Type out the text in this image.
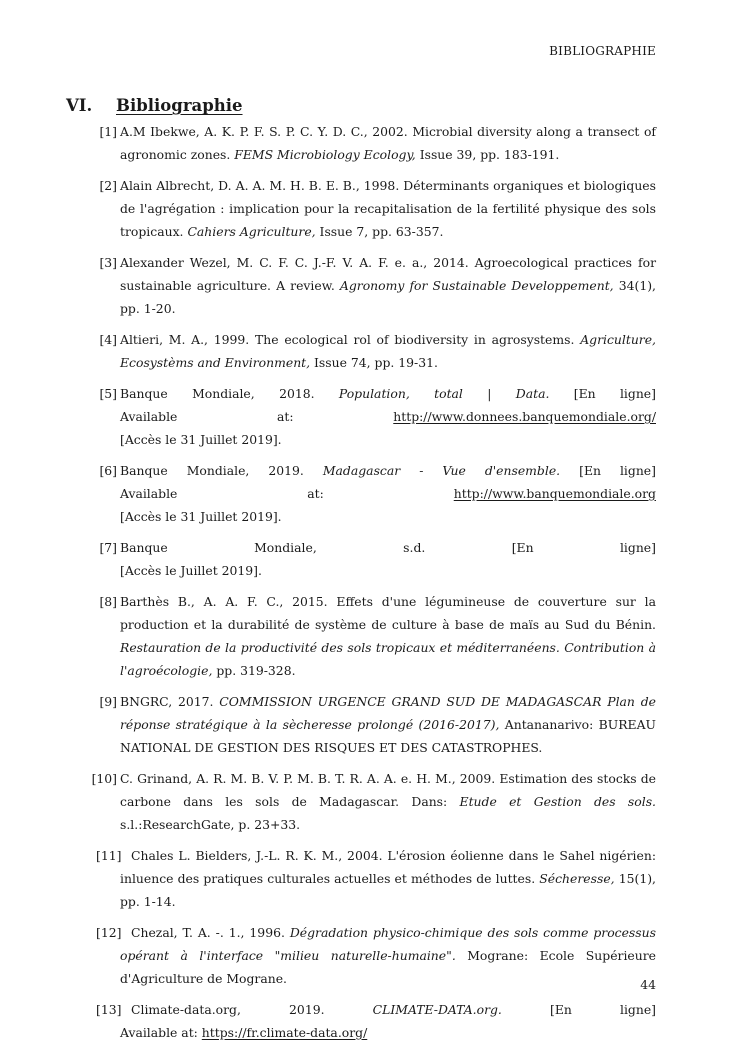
BIBLIOGRAPHIE
VI. Bibliographie
[1] A.M Ibekwe, A. K. P. F. S. P. C. Y. D. C., 2002. Microbial diversity along a transect of agronomic zones. FEMS Microbiology Ecology, Issue 39, pp. 183-191.
[2] Alain Albrecht, D. A. A. M. H. B. E. B., 1998. Déterminants organiques et biologiques de l'agrégation : implication pour la recapitalisation de la fertilité physique des sols tropicaux. Cahiers Agriculture, Issue 7, pp. 63-357.
[3] Alexander Wezel, M. C. F. C. J.-F. V. A. F. e. a., 2014. Agroecological practices for sustainable agriculture. A review. Agronomy for Sustainable Developpement, 34(1), pp. 1-20.
[4] Altieri, M. A., 1999. The ecological rol of biodiversity in agrosystems. Agriculture, Ecosystèms and Environment, Issue 74, pp. 19-31.
[5] Banque Mondiale, 2018. Population, total | Data. [En ligne]
Available	at:	http://www.donnees.banquemondiale.org/
[Accès le 31 Juillet 2019].
[6] Banque Mondiale, 2019. Madagascar - Vue d'ensemble. [En ligne]
Available	at:	http://www.banquemondiale.org
[Accès le 31 Juillet 2019].
[7] Banque	Mondiale,	s.d.	[En	ligne]
[Accès le Juillet 2019].
[8] Barthès B., A. A. F. C., 2015. Effets d'une légumineuse de couverture sur la production et la durabilité de système de culture à base de maïs au Sud du Bénin. Restauration de la productivité des sols tropicaux et méditerranéens. Contribution à l'agroécologie, pp. 319-328.
[9] BNGRC, 2017. COMMISSION URGENCE GRAND SUD DE MADAGASCAR Plan de réponse stratégique à la sècheresse prolongé (2016-2017), Antananarivo: BUREAU NATIONAL DE GESTION DES RISQUES ET DES CATASTROPHES.
[10] C. Grinand, A. R. M. B. V. P. M. B. T. R. A. A. e. H. M., 2009. Estimation des stocks de carbone dans les sols de Madagascar. Dans: Etude et Gestion des sols. s.l.:ResearchGate, p. 23+33.
[11] Chales L. Bielders, J.-L. R. K. M., 2004. L'érosion éolienne dans le Sahel nigérien: inluence des pratiques culturales actuelles et méthodes de luttes. Sécheresse, 15(1), pp. 1-14.
[12] Chezal, T. A. -. 1., 1996. Dégradation physico-chimique des sols comme processus opérant à l'interface "milieu naturelle-humaine". Mograne: Ecole Supérieure d'Agriculture de Mograne.
[13] Climate-data.org,	2019.	CLIMATE-DATA.org.	[En	ligne]
Available at: https://fr.climate-data.org/
44
